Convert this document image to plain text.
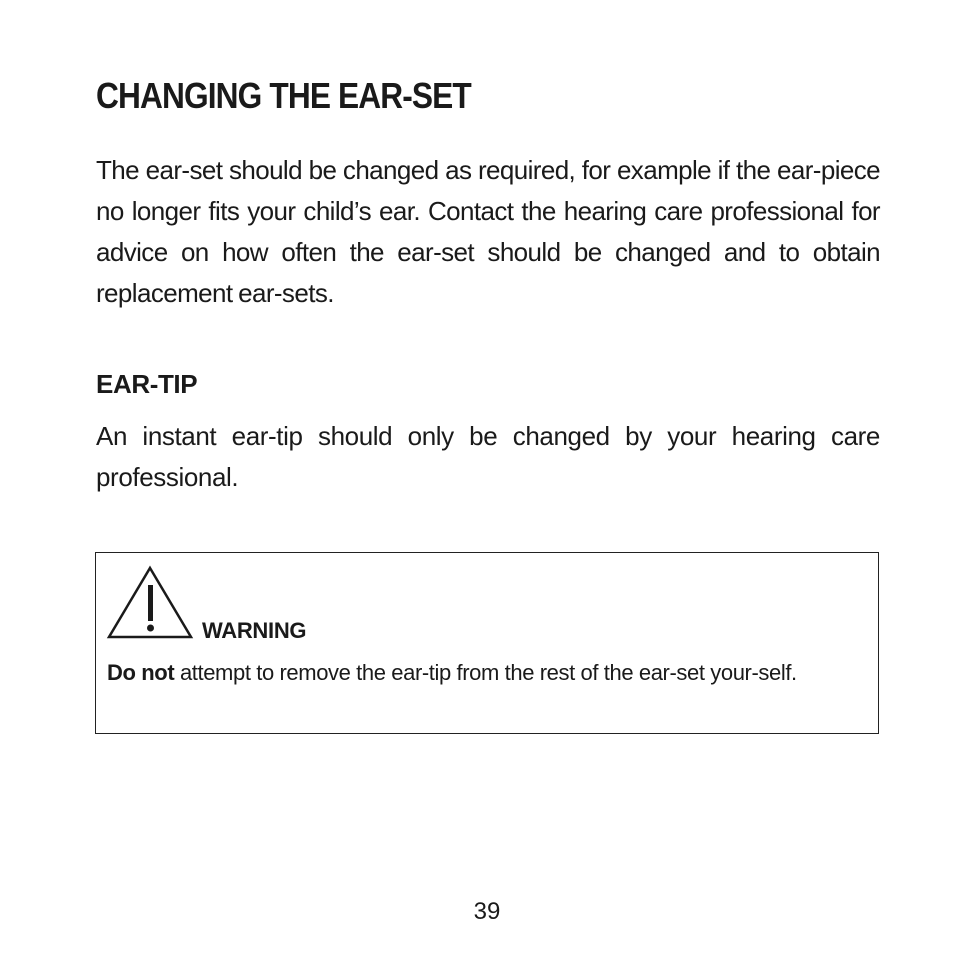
CHANGING THE EAR-SET

The ear-set should be changed as required, for example if the ear-piece no longer fits your child’s ear. Contact the hearing care professional for advice on how often the ear-set should be changed and to obtain replacement ear-sets.

EAR-TIP

An instant ear-tip should only be changed by your hearing care professional.

WARNING

Do not attempt to remove the ear-tip from the rest of the ear-set your-self.

39
